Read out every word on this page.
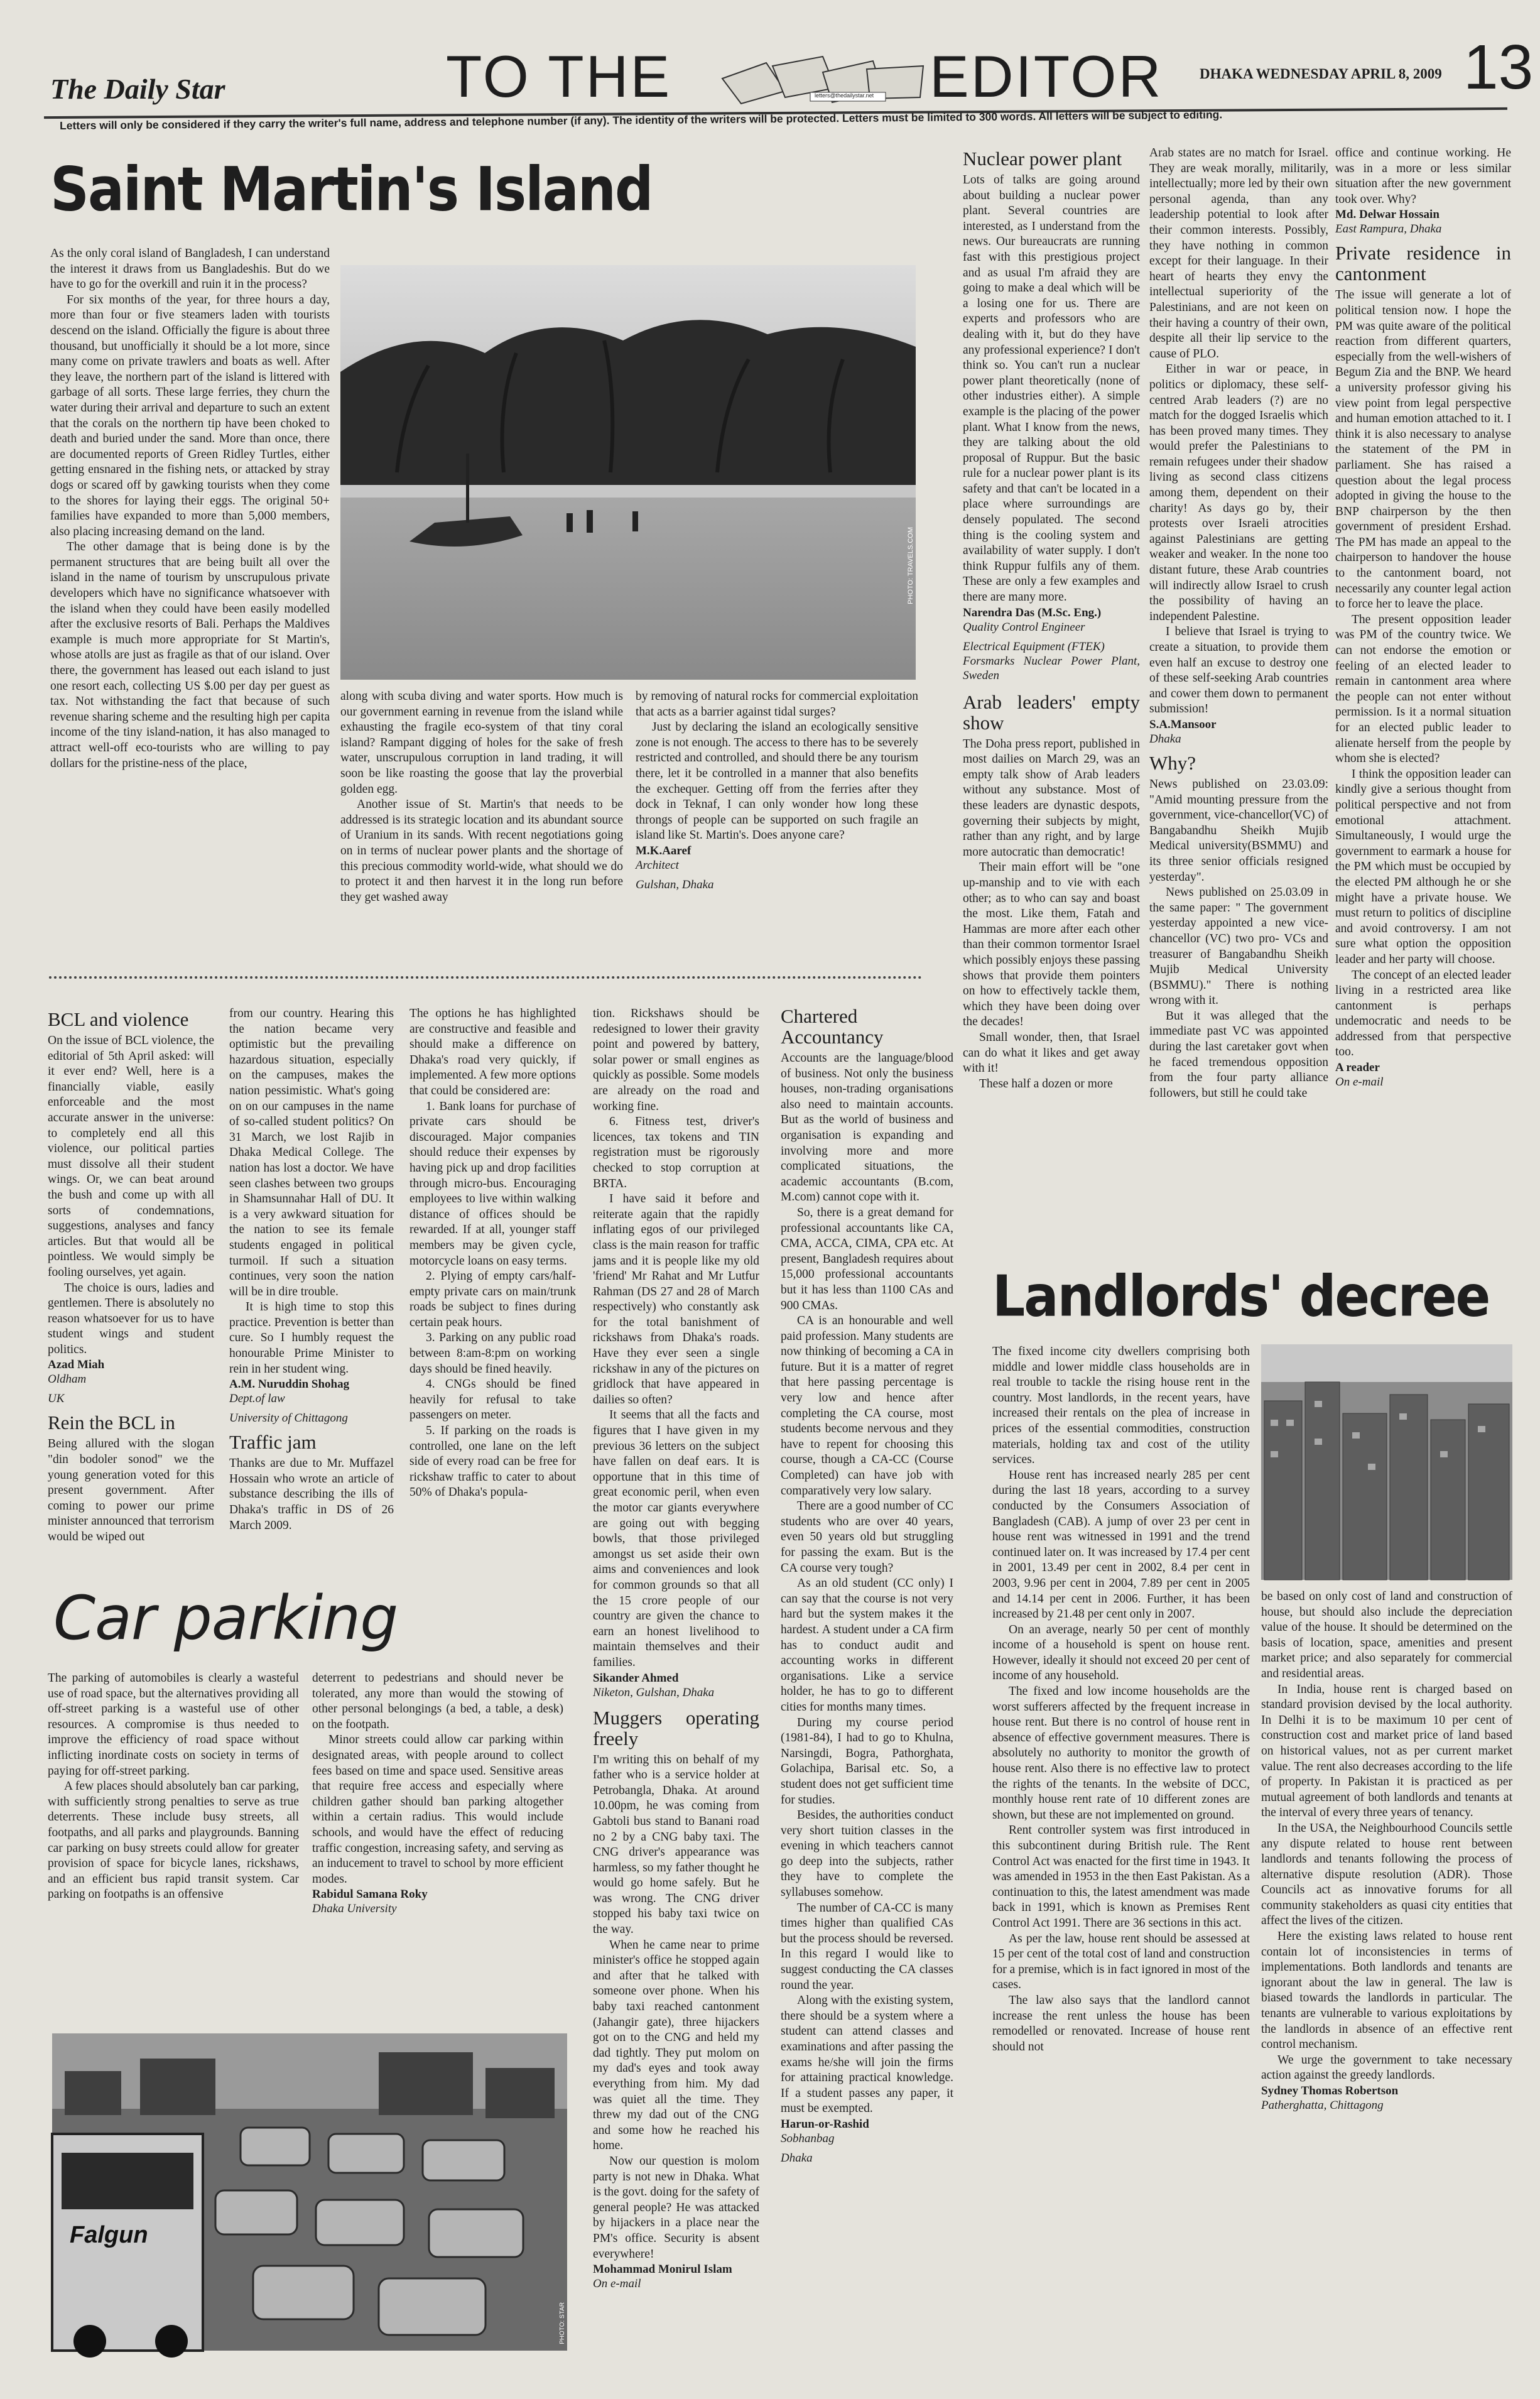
The Daily Star	TO THE	letters@thedailystar.net EDITOR	DHAKA WEDNESDAY APRIL 8, 2009 13
Letters will only be considered if they carry the writer's full name, address and telephone number (if any). The identity of the writers will be protected. Letters must be limited to 300 words. All letters will be subject to editing.
Saint Martin's Island
PHOTO: TRAVELS.COM

As the only coral island of Bangladesh, I can understand the interest it draws from us Bangladeshis. But do we have to go for the overkill and ruin it in the process?

For six months of the year, for three hours a day, more than four or five steamers laden with tourists descend on the island. Officially the figure is about three thousand, but unofficially it should be a lot more, since many come on private trawlers and boats as well. After they leave, the northern part of the island is littered with garbage of all sorts. These large ferries, they churn the water during their arrival and departure to such an extent that the corals on the northern tip have been choked to death and buried under the sand. More than once, there are documented reports of Green Ridley Turtles, either getting ensnared in the fishing nets, or attacked by stray dogs or scared off by gawking tourists when they come to the shores for laying their eggs. The original 50+ families have expanded to more than 5,000 members, also placing increasing demand on the land.

The other damage that is being done is by the permanent structures that are being built all over the island in the name of tourism by unscrupulous private developers which have no significance whatsoever with the island when they could have been easily modelled after the exclusive resorts of Bali. Perhaps the Maldives example is much more appropriate for St Martin's, whose atolls are just as fragile as that of our island. Over there, the government has leased out each island to just one resort each, collecting US $.00 per day per guest as tax. Not withstanding the fact that because of such revenue sharing scheme and the resulting high per capita income of the tiny island-nation, it has also managed to attract well-off eco-tourists who are willing to pay dollars for the pristine-ness of the place,

along with scuba diving and water sports. How much is our government earning in revenue from the island while exhausting the fragile eco-system of that tiny coral island? Rampant digging of holes for the sake of fresh water, unscrupulous corruption in land trading, it will soon be like roasting the goose that lay the proverbial golden egg.

Another issue of St. Martin's that needs to be addressed is its strategic location and its abundant source of Uranium in its sands. With recent negotiations going on in terms of nuclear power plants and the shortage of this precious commodity world-wide, what should we do to protect it and then harvest it in the long run before they get washed away

by removing of natural rocks for commercial exploitation that acts as a barrier against tidal surges?

Just by declaring the island an ecologically sensitive zone is not enough. The access to there has to be severely restricted and controlled, and should there be any tourism there, let it be controlled in a manner that also benefits the exchequer. Getting off from the ferries after they dock in Teknaf, I can only wonder how long these throngs of people can be supported on such fragile an island like St. Martin's. Does anyone care?

M.K.Aaref
Architect
Gulshan, Dhaka
Nuclear power plant

Lots of talks are going around about building a nuclear power plant. Several countries are interested, as I understand from the news. Our bureaucrats are running fast with this prestigious project and as usual I'm afraid they are going to make a deal which will be a losing one for us. There are experts and professors who are dealing with it, but do they have any professional experience? I don't think so. You can't run a nuclear power plant theoretically (none of other industries either). A simple example is the placing of the power plant. What I know from the news, they are talking about the old proposal of Ruppur. But the basic rule for a nuclear power plant is its safety and that can't be located in a place where surroundings are densely populated. The second thing is the cooling system and availability of water supply. I don't think Ruppur fulfils any of them. These are only a few examples and there are many more.

Narendra Das (M.Sc. Eng.)
Quality Control Engineer
Electrical Equipment (FTEK)
Forsmarks Nuclear Power Plant, Sweden
Arab leaders' empty show

The Doha press report, published in most dailies on March 29, was an empty talk show of Arab leaders without any substance. Most of these leaders are dynastic despots, governing their subjects by might, rather than any right, and by large more autocratic than democratic!

Their main effort will be "one up-manship and to vie with each other; as to who can say and boast the most. Like them, Fatah and Hammas are more after each other than their common tormentor Israel which possibly enjoys these passing shows that provide them pointers on how to effectively tackle them, which they have been doing over the decades!

Small wonder, then, that Israel can do what it likes and get away with it!

These half a dozen or more

Arab states are no match for Israel. They are weak morally, militarily, intellectually; more led by their own personal agenda, than any leadership potential to look after their common interests. Possibly, they have nothing in common except for their language. In their heart of hearts they envy the intellectual superiority of the Palestinians, and are not keen on their having a country of their own, despite all their lip service to the cause of PLO.

Either in war or peace, in politics or diplomacy, these self-centred Arab leaders (?) are no match for the dogged Israelis which has been proved many times. They would prefer the Palestinians to remain refugees under their shadow living as second class citizens among them, dependent on their charity! As days go by, their protests over Israeli atrocities against Palestinians are getting weaker and weaker. In the none too distant future, these Arab countries will indirectly allow Israel to crush the possibility of having an independent Palestine.

I believe that Israel is trying to create a situation, to provide them even half an excuse to destroy one of these self-seeking Arab countries and cower them down to permanent submission!

S.A.Mansoor
Dhaka
Why?

News published on 23.03.09: "Amid mounting pressure from the government, vice-chancellor(VC) of Bangabandhu Sheikh Mujib Medical university(BSMMU) and its three senior officials resigned yesterday".

News published on 25.03.09 in the same paper: " The government yesterday appointed a new vice-chancellor (VC) two pro- VCs and treasurer of Bangabandhu Sheikh Mujib Medical University (BSMMU)." There is nothing wrong with it.

But it was alleged that the immediate past VC was appointed during the last caretaker govt when he faced tremendous opposition from the four party alliance followers, but still he could take

office and continue working. He was in a more or less similar situation after the new government took over. Why?

Md. Delwar Hossain
East Rampura, Dhaka
Private residence in cantonment

The issue will generate a lot of political tension now. I hope the PM was quite aware of the political reaction from different quarters, especially from the well-wishers of Begum Zia and the BNP. We heard a university professor giving his view point from legal perspective and human emotion attached to it. I think it is also necessary to analyse the statement of the PM in parliament. She has raised a question about the legal process adopted in giving the house to the BNP chairperson by the then government of president Ershad. The PM has made an appeal to the chairperson to handover the house to the cantonment board, not necessarily any counter legal action to force her to leave the place.

The present opposition leader was PM of the country twice. We can not endorse the emotion or feeling of an elected leader to remain in cantonment area where the people can not enter without permission. Is it a normal situation for an elected public leader to alienate herself from the people by whom she is elected?

I think the opposition leader can kindly give a serious thought from political perspective and not from emotional attachment. Simultaneously, I would urge the government to earmark a house for the PM which must be occupied by the elected PM although he or she might have a private house. We must return to politics of discipline and avoid controversy. I am not sure what option the opposition leader and her party will choose.

The concept of an elected leader living in a restricted area like cantonment is perhaps undemocratic and needs to be addressed from that perspective too.

A reader
On e-mail
BCL and violence

On the issue of BCL violence, the editorial of 5th April asked: will it ever end? Well, here is a financially viable, easily enforceable and the most accurate answer in the universe: to completely end all this violence, our political parties must dissolve all their student wings. Or, we can beat around the bush and come up with all sorts of condemnations, suggestions, analyses and fancy articles. But that would all be pointless. We would simply be fooling ourselves, yet again.

The choice is ours, ladies and gentlemen. There is absolutely no reason whatsoever for us to have student wings and student politics.

Azad Miah
Oldham
UK
Rein the BCL in

Being allured with the slogan "din bodoler sonod" we the young generation voted for this present government. After coming to power our prime minister announced that terrorism would be wiped out

from our country. Hearing this the nation became very optimistic but the prevailing hazardous situation, especially on the campuses, makes the nation pessimistic. What's going on on our campuses in the name of so-called student politics? On 31 March, we lost Rajib in Dhaka Medical College. The nation has lost a doctor. We have seen clashes between two groups in Shamsunnahar Hall of DU. It is a very awkward situation for the nation to see its female students engaged in political turmoil. If such a situation continues, very soon the nation will be in dire trouble.

It is high time to stop this practice. Prevention is better than cure. So I humbly request the honourable Prime Minister to rein in her student wing.

A.M. Nuruddin Shohag
Dept.of law
University of Chittagong
Traffic jam

Thanks are due to Mr. Muffazel Hossain who wrote an article of substance describing the ills of Dhaka's traffic in DS of 26 March 2009.

The options he has highlighted are constructive and feasible and should make a difference on Dhaka's road very quickly, if implemented. A few more options that could be considered are:

1. Bank loans for purchase of private cars should be discouraged. Major companies should reduce their expenses by having pick up and drop facilities through micro-bus. Encouraging employees to live within walking distance of offices should be rewarded. If at all, younger staff members may be given cycle, motorcycle loans on easy terms.

2. Plying of empty cars/half-empty private cars on main/trunk roads be subject to fines during certain peak hours.

3. Parking on any public road between 8:am-8:pm on working days should be fined heavily.

4. CNGs should be fined heavily for refusal to take passengers on meter.

5. If parking on the roads is controlled, one lane on the left side of every road can be free for rickshaw traffic to cater to about 50% of Dhaka's popula-

tion. Rickshaws should be redesigned to lower their gravity point and powered by battery, solar power or small engines as quickly as possible. Some models are already on the road and working fine.

6. Fitness test, driver's licences, tax tokens and TIN registration must be rigorously checked to stop corruption at BRTA.

I have said it before and reiterate again that the rapidly inflating egos of our privileged class is the main reason for traffic jams and it is people like my old 'friend' Mr Rahat and Mr Lutfur Rahman (DS 27 and 28 of March respectively) who constantly ask for the total banishment of rickshaws from Dhaka's roads. Have they ever seen a single rickshaw in any of the pictures on gridlock that have appeared in dailies so often?

It seems that all the facts and figures that I have given in my previous 36 letters on the subject have fallen on deaf ears. It is opportune that in this time of great economic peril, when even the motor car giants everywhere are going out with begging bowls, that those privileged amongst us set aside their own aims and conveniences and look for common grounds so that all the 15 crore people of our country are given the chance to earn an honest livelihood to maintain themselves and their families.

Sikander Ahmed
Niketon, Gulshan, Dhaka
Muggers operating freely

I'm writing this on behalf of my father who is a service holder at Petrobangla, Dhaka. At around 10.00pm, he was coming from Gabtoli bus stand to Banani road no 2 by a CNG baby taxi. The CNG driver's appearance was harmless, so my father thought he would go home safely. But he was wrong. The CNG driver stopped his baby taxi twice on the way.

When he came near to prime minister's office he stopped again and after that he talked with someone over phone. When his baby taxi reached cantonment (Jahangir gate), three hijackers got on to the CNG and held my dad tightly. They put molom on my dad's eyes and took away everything from him. My dad was quiet all the time. They threw my dad out of the CNG and some how he reached his home.

Now our question is molom party is not new in Dhaka. What is the govt. doing for the safety of general people? He was attacked by hijackers in a place near the PM's office. Security is absent everywhere!

Mohammad Monirul Islam
On e-mail
Chartered Accountancy

Accounts are the language/blood of business. Not only the business houses, non-trading organisations also need to maintain accounts. But as the world of business and organisation is expanding and involving more and more complicated situations, the academic accountants (B.com, M.com) cannot cope with it.

So, there is a great demand for professional accountants like CA, CMA, ACCA, CIMA, CPA etc. At present, Bangladesh requires about 15,000 professional accountants but it has less than 1100 CAs and 900 CMAs.

CA is an honourable and well paid profession. Many students are now thinking of becoming a CA in future. But it is a matter of regret that here passing percentage is very low and hence after completing the CA course, most students become nervous and they have to repent for choosing this course, though a CA-CC (Course Completed) can have job with comparatively very low salary.

There are a good number of CC students who are over 40 years, even 50 years old but struggling for passing the exam. But is the CA course very tough?

As an old student (CC only) I can say that the course is not very hard but the system makes it the hardest. A student under a CA firm has to conduct audit and accounting works in different organisations. Like a service holder, he has to go to different cities for months many times.

During my course period (1981-84), I had to go to Khulna, Narsingdi, Bogra, Pathorghata, Golachipa, Barisal etc. So, a student does not get sufficient time for studies.

Besides, the authorities conduct very short tuition classes in the evening in which teachers cannot go deep into the subjects, rather they have to complete the syllabuses somehow.

The number of CA-CC is many times higher than qualified CAs but the process should be reversed. In this regard I would like to suggest conducting the CA classes round the year.

Along with the existing system, there should be a system where a student can attend classes and examinations and after passing the exams he/she will join the firms for attaining practical knowledge. If a student passes any paper, it must be exempted.

Harun-or-Rashid
Sobhanbag
Dhaka
Car parking

The parking of automobiles is clearly a wasteful use of road space, but the alternatives providing all off-street parking is a wasteful use of other resources. A compromise is thus needed to improve the efficiency of road space without inflicting inordinate costs on society in terms of paying for off-street parking.

A few places should absolutely ban car parking, with sufficiently strong penalties to serve as true deterrents. These include busy streets, all footpaths, and all parks and playgrounds. Banning car parking on busy streets could allow for greater provision of space for bicycle lanes, rickshaws, and an efficient bus rapid transit system. Car parking on footpaths is an offensive

deterrent to pedestrians and should never be tolerated, any more than would the stowing of other personal belongings (a bed, a table, a desk) on the footpath.

Minor streets could allow car parking within designated areas, with people around to collect fees based on time and space used. Sensitive areas that require free access and especially where children gather should ban parking altogether within a certain radius. This would include schools, and would have the effect of reducing traffic congestion, increasing safety, and serving as an inducement to travel to school by more efficient modes.

Rabidul Samana Roky
Dhaka University
Falgun
PHOTO: STAR
Landlords' decree

The fixed income city dwellers comprising both middle and lower middle class households are in real trouble to tackle the rising house rent in the country. Most landlords, in the recent years, have increased their rentals on the plea of increase in prices of the essential commodities, construction materials, holding tax and cost of the utility services.

House rent has increased nearly 285 per cent during the last 18 years, according to a survey conducted by the Consumers Association of Bangladesh (CAB). A jump of over 23 per cent in house rent was witnessed in 1991 and the trend continued later on. It was increased by 17.4 per cent in 2001, 13.49 per cent in 2002, 8.4 per cent in 2003, 9.96 per cent in 2004, 7.89 per cent in 2005 and 14.14 per cent in 2006. Further, it has been increased by 21.48 per cent only in 2007.

On an average, nearly 50 per cent of monthly income of a household is spent on house rent. However, ideally it should not exceed 20 per cent of income of any household.

The fixed and low income households are the worst sufferers affected by the frequent increase in house rent. But there is no control of house rent in absence of effective government measures. There is absolutely no authority to monitor the growth of house rent. Also there is no effective law to protect the rights of the tenants. In the website of DCC, monthly house rent rate of 10 different zones are shown, but these are not implemented on ground.

Rent controller system was first introduced in this subcontinent during British rule. The Rent Control Act was enacted for the first time in 1943. It was amended in 1953 in the then East Pakistan. As a continuation to this, the latest amendment was made back in 1991, which is known as Premises Rent Control Act 1991. There are 36 sections in this act.

As per the law, house rent should be assessed at 15 per cent of the total cost of land and construction for a premise, which is in fact ignored in most of the cases.

The law also says that the landlord cannot increase the rent unless the house has been remodelled or renovated. Increase of house rent should not

be based on only cost of land and construction of house, but should also include the depreciation value of the house. It should be determined on the basis of location, space, amenities and present market price; and also separately for commercial and residential areas.

In India, house rent is charged based on standard provision devised by the local authority. In Delhi it is to be maximum 10 per cent of construction cost and market price of land based on historical values, not as per current market value. The rent also decreases according to the life of property. In Pakistan it is practiced as per mutual agreement of both landlords and tenants at the interval of every three years of tenancy.

In the USA, the Neighbourhood Councils settle any dispute related to house rent between landlords and tenants following the process of alternative dispute resolution (ADR). Those Councils act as innovative forums for all community stakeholders as quasi city entities that affect the lives of the citizen.

Here the existing laws related to house rent contain lot of inconsistencies in terms of implementations. Both landlords and tenants are ignorant about the law in general. The law is biased towards the landlords in particular. The tenants are vulnerable to various exploitations by the landlords in absence of an effective rent control mechanism.

We urge the government to take necessary action against the greedy landlords.

Sydney Thomas Robertson
Patherghatta, Chittagong
